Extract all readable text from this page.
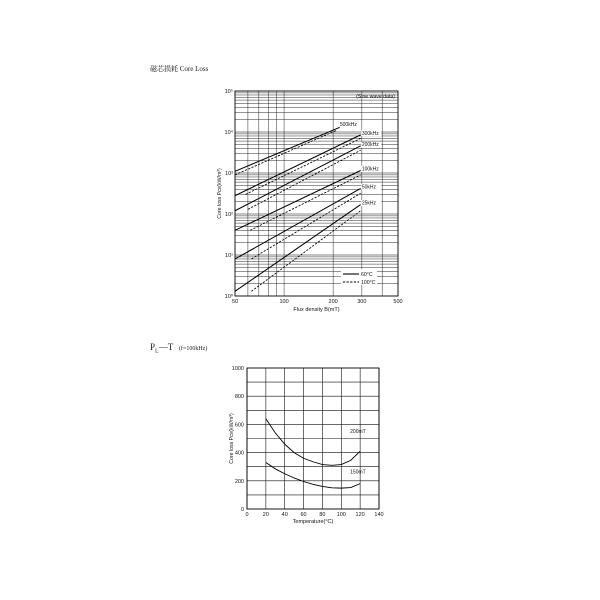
磁芯损耗 Core Loss
$P_L—T$ (f=100kHz)
(Sine wave data)
50	100	200	300	500
10⁰
10¹
10²
10³
10⁴
10⁵
Flux density B(mT)
Core loss Pcv(kW/m³)
500kHz
300kHz
200kHz
100kHz
50kHz
25kHz
60°C
100°C
0	20 40 60 80 100 120 140
0
200
400
600
800
1000
Temperature(°C)
Core loss Pcv(kW/m³)	200mT
150mT
